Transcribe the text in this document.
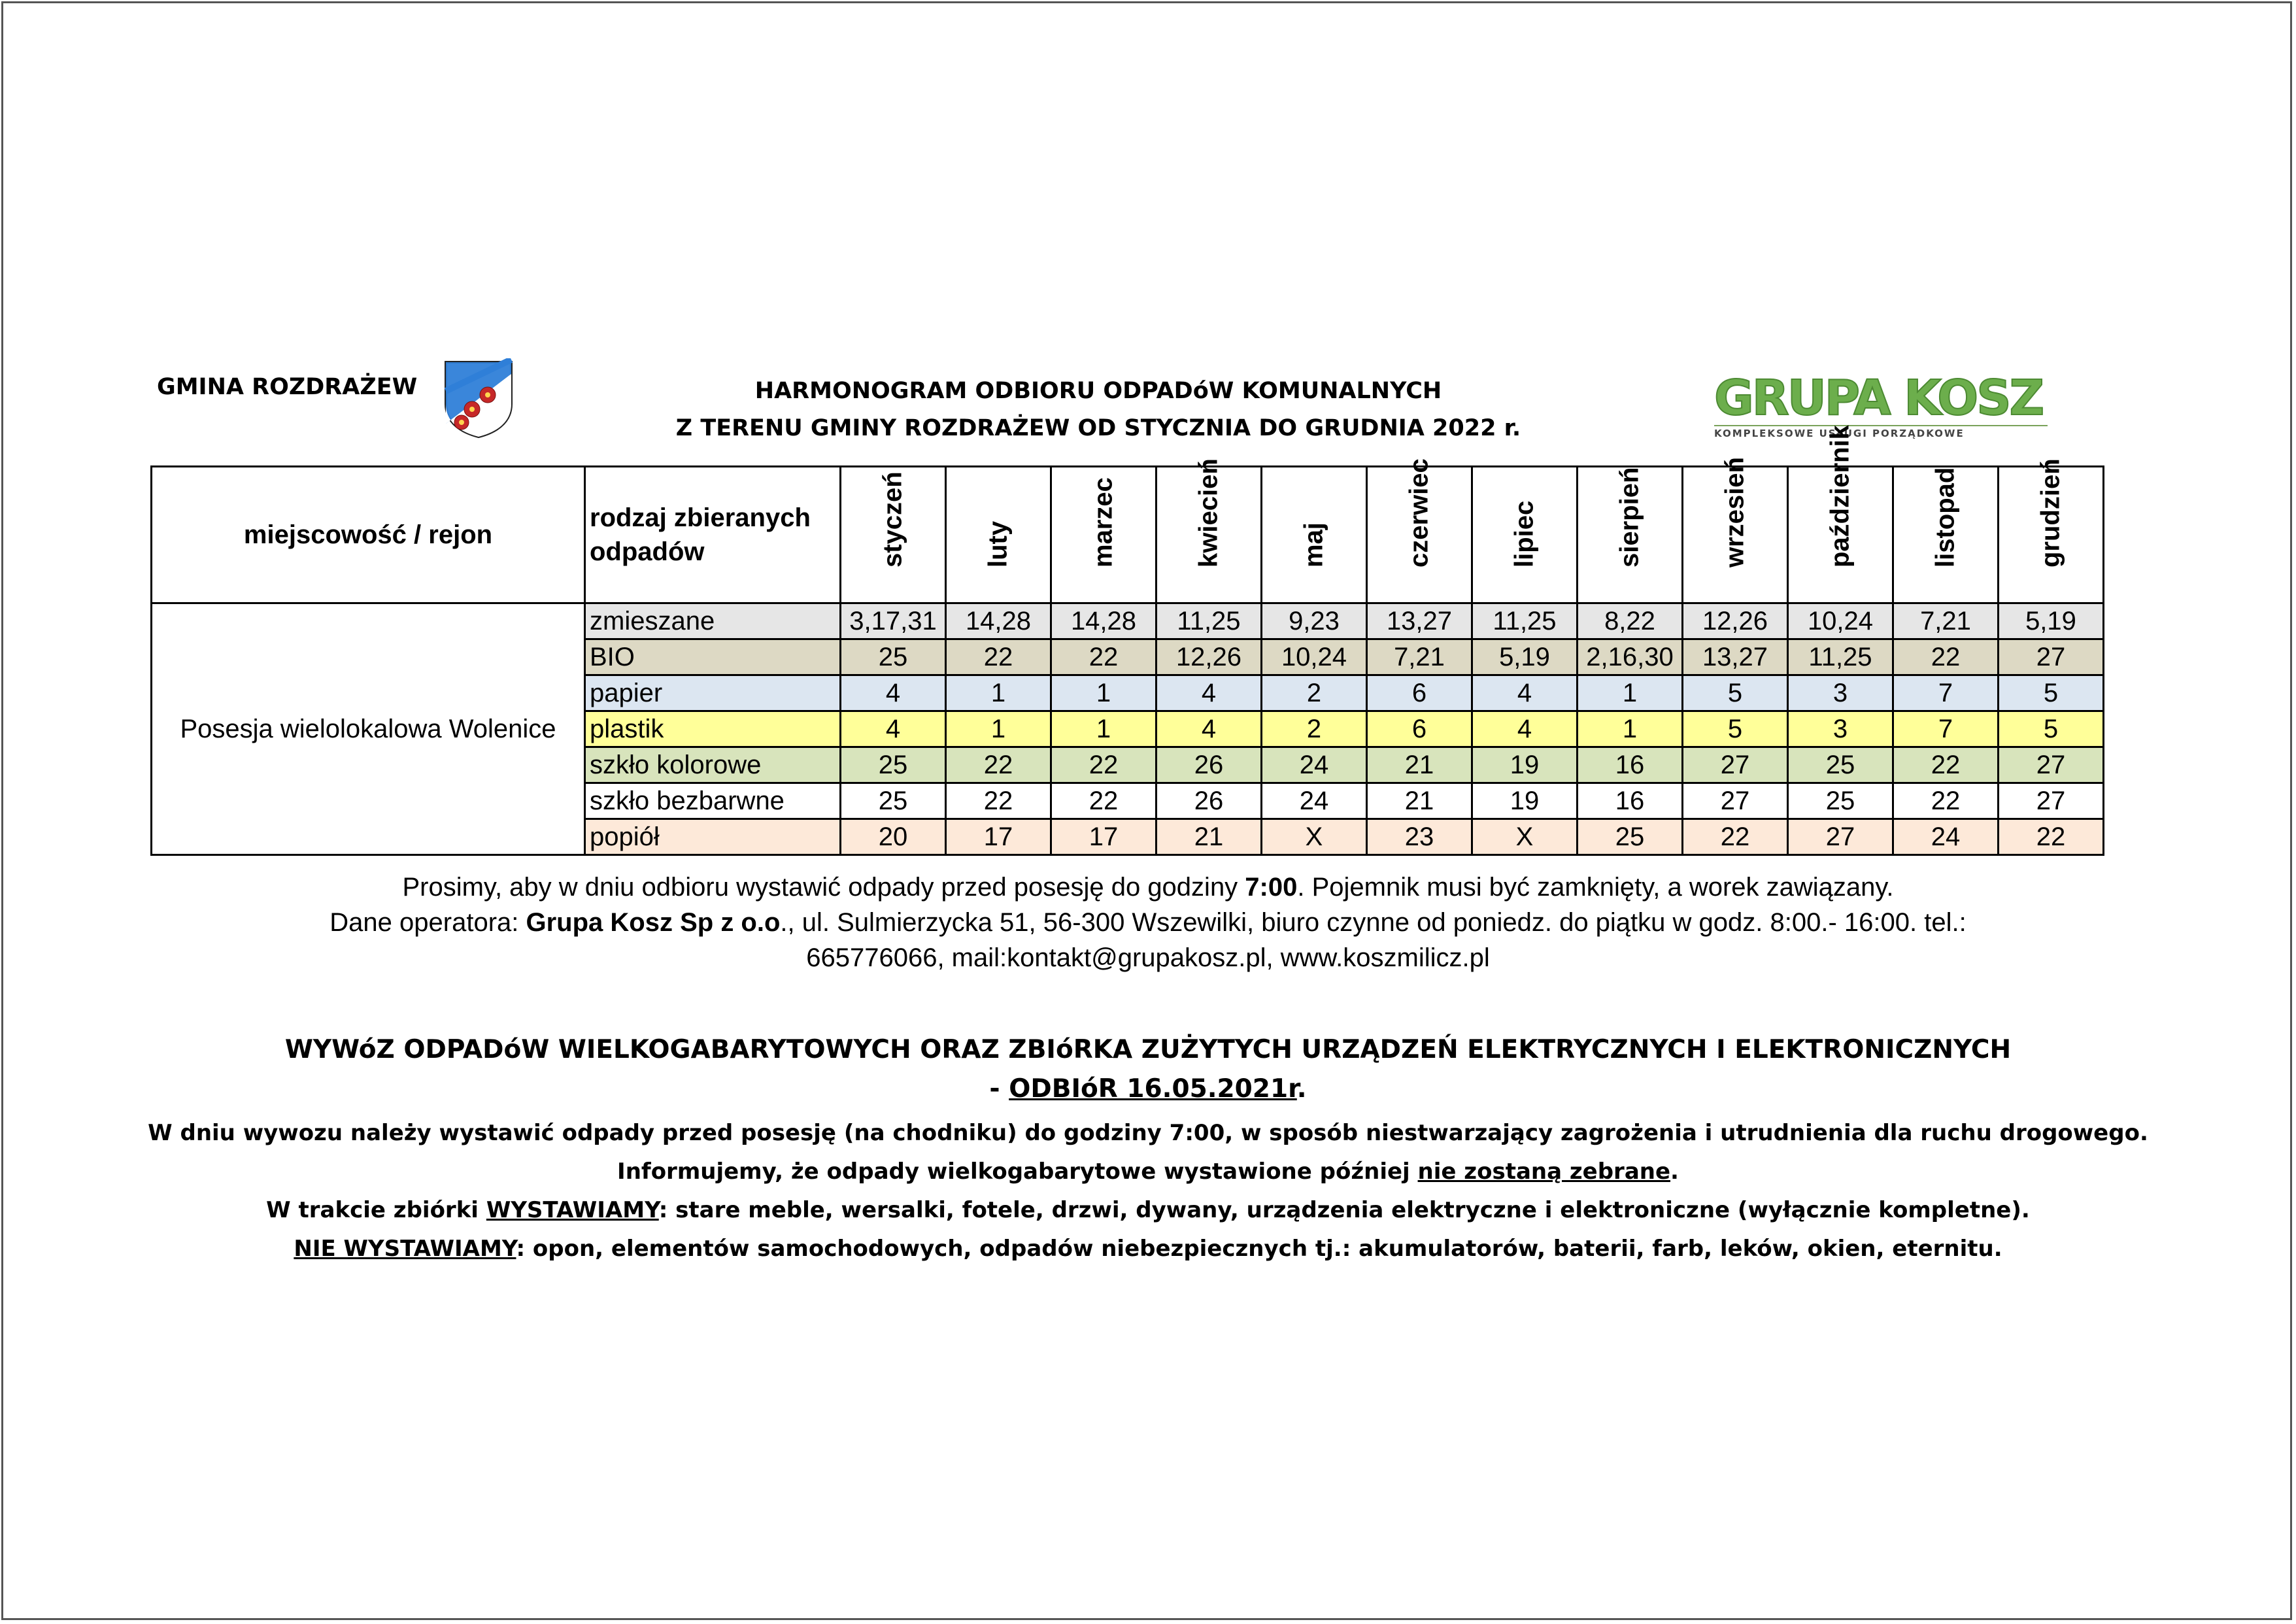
GMINA ROZDRAŻEW	HARMONOGRAM ODBIORU ODPADóW KOMUNALNYCH
Z TERENU GMINY ROZDRAŻEW OD STYCZNIA DO GRUDNIA 2022 r.
GRUPA KOSZ
KOMPLEKSOWE USŁUGI PORZĄDKOWE
miejscowość / rejon	rodzaj zbieranych odpadów	styczeń	luty	marzec	kwiecień	maj	czerwiec	lipiec	sierpień	wrzesień	październik	listopad	grudzień

Posesja wielolokalowa Wolenice	zmieszane	3,17,31	14,28	14,28	11,25	9,23	13,27	11,25	8,22	12,26	10,24	7,21	5,19
	BIO	25	22	22	12,26	10,24	7,21	5,19	2,16,30	13,27	11,25	22	27
	papier	4	1	1	4	2	6	4	1	5	3	7	5
	plastik	4	1	1	4	2	6	4	1	5	3	7	5
	szkło kolorowe	25	22	22	26	24	21	19	16	27	25	22	27
	szkło bezbarwne	25	22	22	26	24	21	19	16	27	25	22	27
	popiół	20	17	17	21	X	23	X	25	22	27	24	22
Prosimy, aby w dniu odbioru wystawić odpady przed posesję do godziny 7:00. Pojemnik musi być zamknięty, a worek zawiązany.
Dane operatora: Grupa Kosz Sp z o.o., ul. Sulmierzycka 51, 56-300 Wszewilki, biuro czynne od poniedz. do piątku w godz. 8:00.- 16:00. tel.:
665776066, mail:kontakt@grupakosz.pl, www.koszmilicz.pl
WYWóZ ODPADóW WIELKOGABARYTOWYCH ORAZ ZBIóRKA ZUŻYTYCH URZĄDZEŃ ELEKTRYCZNYCH I ELEKTRONICZNYCH
- ODBIóR 16.05.2021r.
W dniu wywozu należy wystawić odpady przed posesję (na chodniku) do godziny 7:00, w sposób niestwarzający zagrożenia i utrudnienia dla ruchu drogowego.
Informujemy, że odpady wielkogabarytowe wystawione później nie zostaną zebrane.
W trakcie zbiórki WYSTAWIAMY: stare meble, wersalki, fotele, drzwi, dywany, urządzenia elektryczne i elektroniczne (wyłącznie kompletne).
NIE WYSTAWIAMY: opon, elementów samochodowych, odpadów niebezpiecznych tj.: akumulatorów, baterii, farb, leków, okien, eternitu.
